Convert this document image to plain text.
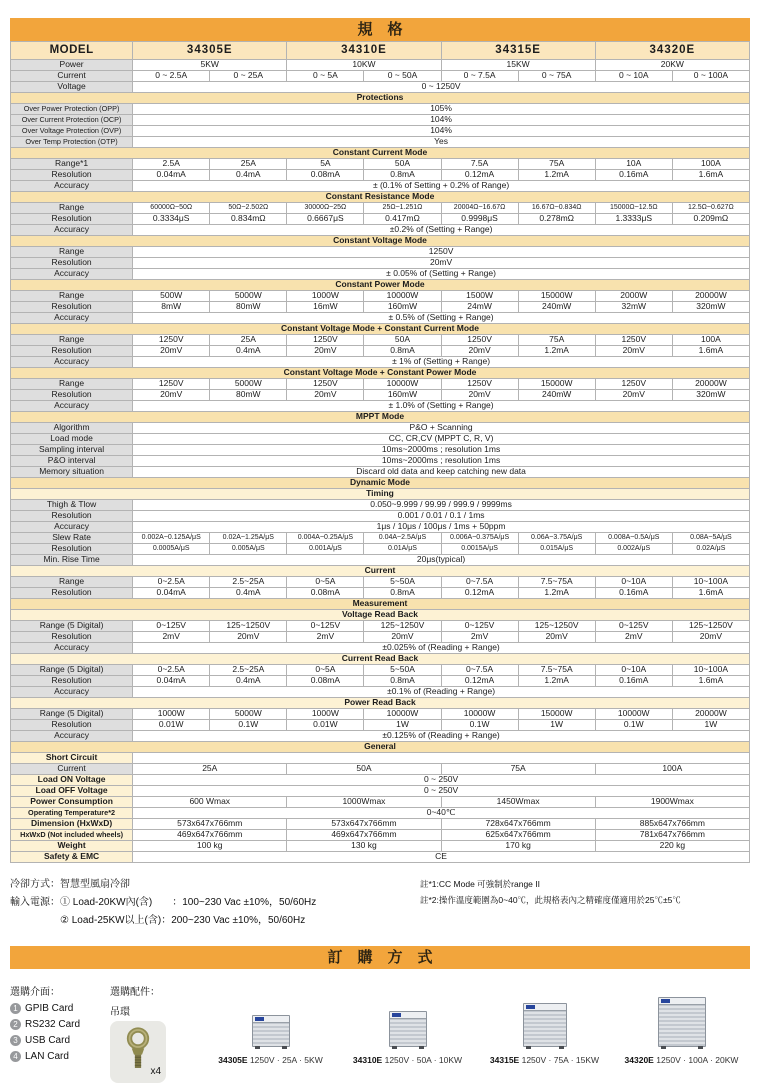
規　格
MODEL	34305E		34310E		34315E		34320E	
Power	5KW		10KW		15KW		20KW	
Current	0 ~ 2.5A	0 ~ 25A	0 ~ 5A	0 ~ 50A	0 ~ 7.5A	0 ~ 75A	0 ~ 10A	0 ~ 100A
Voltage	0 ~ 1250V							
Protections								
Over Power Protection (OPP)	105%							
Over Current Protection (OCP)	104%							
Over Voltage Protection (OVP)	104%							
Over Temp Protection (OTP)	Yes							
Constant Current Mode								
Range*1	2.5A	25A	5A	50A	7.5A	75A	10A	100A
Resolution	0.04mA	0.4mA	0.08mA	0.8mA	0.12mA	1.2mA	0.16mA	1.6mA
Accuracy	± (0.1% of Setting + 0.2% of Range)							
Constant Resistance Mode								
Range	60000Ω~50Ω	50Ω~2.502Ω	30000Ω~25Ω	25Ω~1.251Ω	20004Ω~16.67Ω	16.67Ω~0.834Ω	15000Ω~12.5Ω	12.5Ω~0.627Ω
Resolution	0.3334μS	0.834mΩ	0.6667μS	0.417mΩ	0.9998μS	0.278mΩ	1.3333μS	0.209mΩ
Accuracy	±0.2% of (Setting + Range)							
Constant Voltage Mode								
Range	1250V							
Resolution	20mV							
Accuracy	± 0.05% of (Setting + Range)							
Constant Power Mode								
Range	500W	5000W	1000W	10000W	1500W	15000W	2000W	20000W
Resolution	8mW	80mW	16mW	160mW	24mW	240mW	32mW	320mW
Accuracy	± 0.5% of (Setting + Range)							
Constant Voltage Mode + Constant Current Mode								
Range	1250V	25A	1250V	50A	1250V	75A	1250V	100A
Resolution	20mV	0.4mA	20mV	0.8mA	20mV	1.2mA	20mV	1.6mA
Accuracy	± 1% of (Setting + Range)							
Constant Voltage Mode + Constant Power Mode								
Range	1250V	5000W	1250V	10000W	1250V	15000W	1250V	20000W
Resolution	20mV	80mW	20mV	160mW	20mV	240mW	20mV	320mW
Accuracy	± 1.0% of (Setting + Range)							
MPPT Mode								
Algorithm	P&O + Scanning							
Load mode	CC, CR,CV (MPPT C, R, V)							
Sampling interval	10ms~2000ms ; resolution 1ms							
P&O interval	10ms~2000ms ; resolution 1ms							
Memory situation	Discard old data and keep catching new data							
Dynamic Mode								
Timing								
Thigh & Tlow	0.050~9.999 / 99.99 / 999.9 / 9999ms							
Resolution	0.001 / 0.01 / 0.1 / 1ms							
Accuracy	1μs / 10μs / 100μs / 1ms + 50ppm							
Slew Rate	0.002A~0.125A/μS	0.02A~1.25A/μS	0.004A~0.25A/μS	0.04A~2.5A/μS	0.006A~0.375A/μS	0.06A~3.75A/μS	0.008A~0.5A/μS	0.08A~5A/μS
Resolution	0.0005A/μS	0.005A/μS	0.001A/μS	0.01A/μS	0.0015A/μS	0.015A/μS	0.002A/μS	0.02A/μS
Min. Rise Time	20μs(typical)							
Current								
Range	0~2.5A	2.5~25A	0~5A	5~50A	0~7.5A	7.5~75A	0~10A	10~100A
Resolution	0.04mA	0.4mA	0.08mA	0.8mA	0.12mA	1.2mA	0.16mA	1.6mA
Measurement								
Voltage Read Back								
Range (5 Digital)	0~125V	125~1250V	0~125V	125~1250V	0~125V	125~1250V	0~125V	125~1250V
Resolution	2mV	20mV	2mV	20mV	2mV	20mV	2mV	20mV
Accuracy	±0.025% of (Reading + Range)							
Current Read Back								
Range (5 Digital)	0~2.5A	2.5~25A	0~5A	5~50A	0~7.5A	7.5~75A	0~10A	10~100A
Resolution	0.04mA	0.4mA	0.08mA	0.8mA	0.12mA	1.2mA	0.16mA	1.6mA
Accuracy	±0.1% of (Reading + Range)							
Power Read Back								
Range (5 Digital)	1000W	5000W	1000W	10000W	10000W	15000W	10000W	20000W
Resolution	0.01W	0.1W	0.01W	1W	0.1W	1W	0.1W	1W
Accuracy	±0.125% of (Reading + Range)							
General								
Short Circuit								
Current	25A		50A		75A		100A	
Load ON Voltage	0 ~ 250V							
Load OFF Voltage	0 ~ 250V							
Power Consumption	600 Wmax		1000Wmax		1450Wmax		1900Wmax	
Operating Temperature*2	0~40℃							
Dimension (HxWxD)	573x647x766mm		573x647x766mm		728x647x766mm		885x647x766mm	
HxWxD (Not included wheels)	469x647x766mm		469x647x766mm		625x647x766mm		781x647x766mm	
Weight	100 kg		130 kg		170 kg		220 kg	
Safety & EMC	CE							
冷卻方式：智慧型風扇冷卻
輸入電源：① Load-20KW內(含)　　：100~230 Vac ±10%，50/60Hz
② Load-25KW以上(含)：200~230 Vac ±10%，50/60Hz
註*1:CC Mode 可強制於range II
註*2:操作溫度範圍為0~40℃，此規格表內之精確度僅適用於25℃±5℃
訂　購　方　式
選購介面：
1 GPIB Card
2 RS232 Card
3 USB Card
4 LAN Card
選購配件：
吊環
x4
34305E 1250V · 25A · 5KW	34310E 1250V · 50A · 10KW	34315E 1250V · 75A · 15KW	34320E 1250V · 100A · 20KW
